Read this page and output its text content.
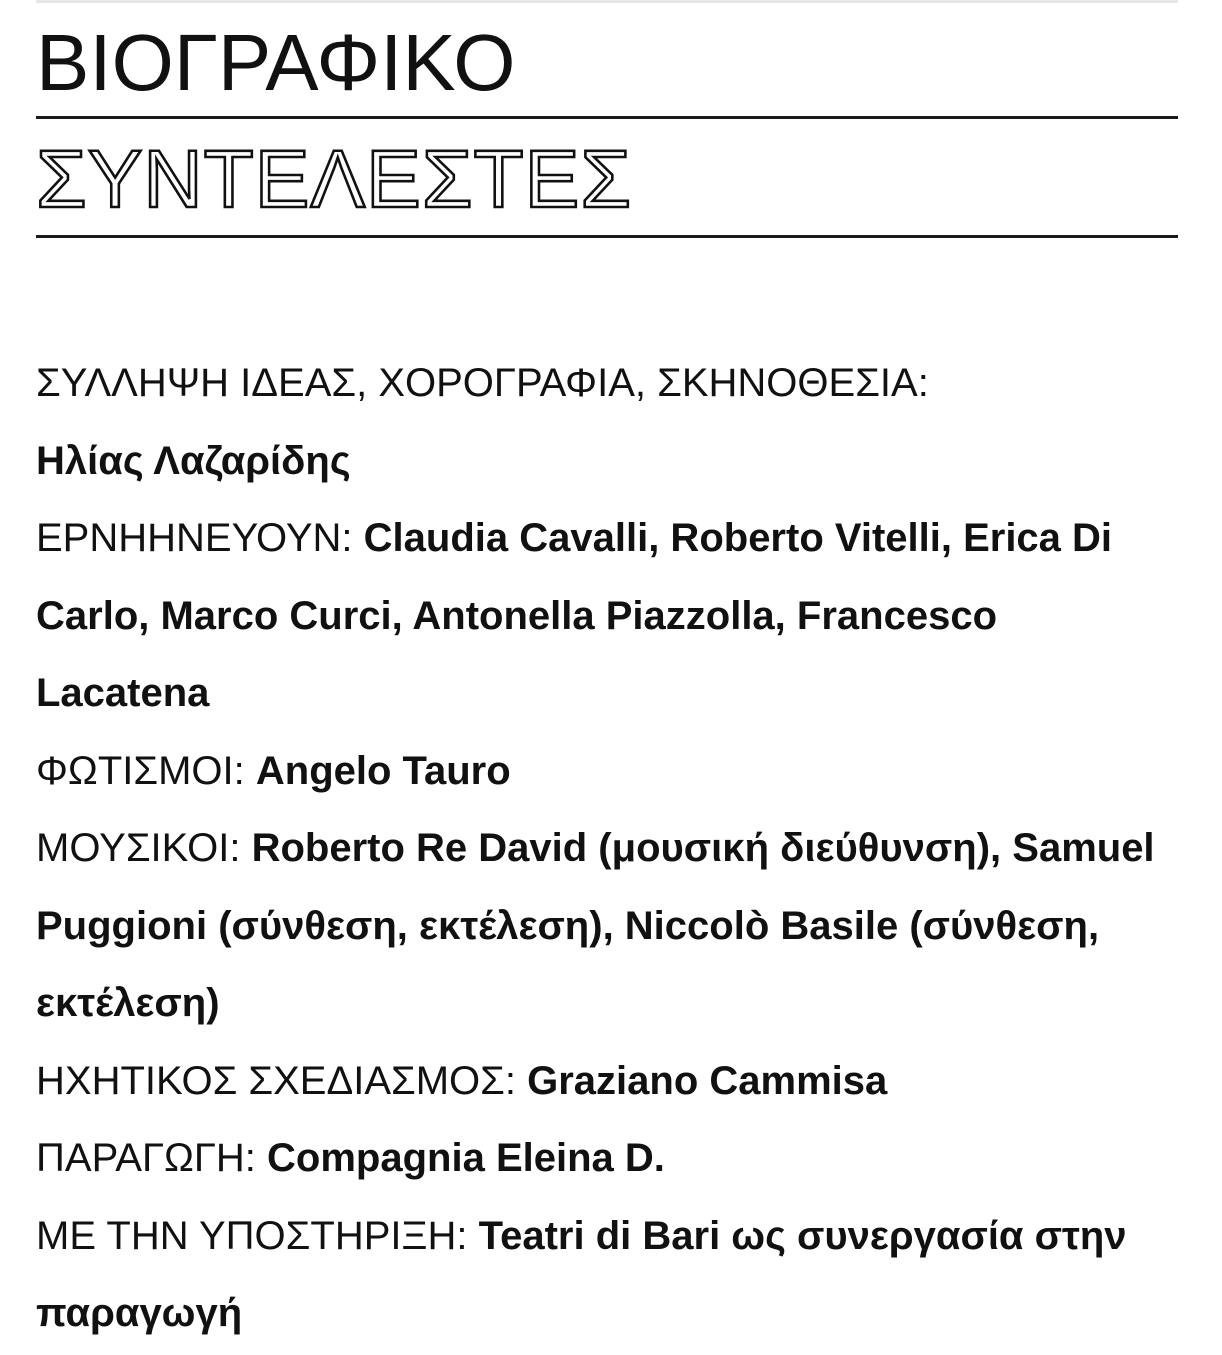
ΒΙΟΓΡΑΦΙΚΟ
ΣΥΝΤΕΛΕΣΤΕΣ
ΣΥΛΛΗΨΗ ΙΔΕΑΣ, ΧΟΡΟΓΡΑΦΙΑ, ΣΚΗΝΟΘΕΣΙΑ:
Ηλίας Λαζαρίδης
ΕΡΝΗΗΝΕΥΟΥΝ: Claudia Cavalli, Roberto Vitelli, Erica Di Carlo, Marco Curci, Antonella Piazzolla, Francesco Lacatena
ΦΩΤΙΣΜΟΙ: Angelo Tauro
ΜΟΥΣΙΚΟΙ: Roberto Re David (μουσική διεύθυνση), Samuel Puggioni (σύνθεση, εκτέλεση), Niccolò Basile (σύνθεση, εκτέλεση)
ΗΧΗΤΙΚΟΣ ΣΧΕΔΙΑΣΜΟΣ: Graziano Cammisa
ΠΑΡΑΓΩΓΗ: Compagnia Eleina D.
ΜΕ ΤΗΝ ΥΠΟΣΤΗΡΙΞΗ: Teatri di Bari ως συνεργασία στην παραγωγή
